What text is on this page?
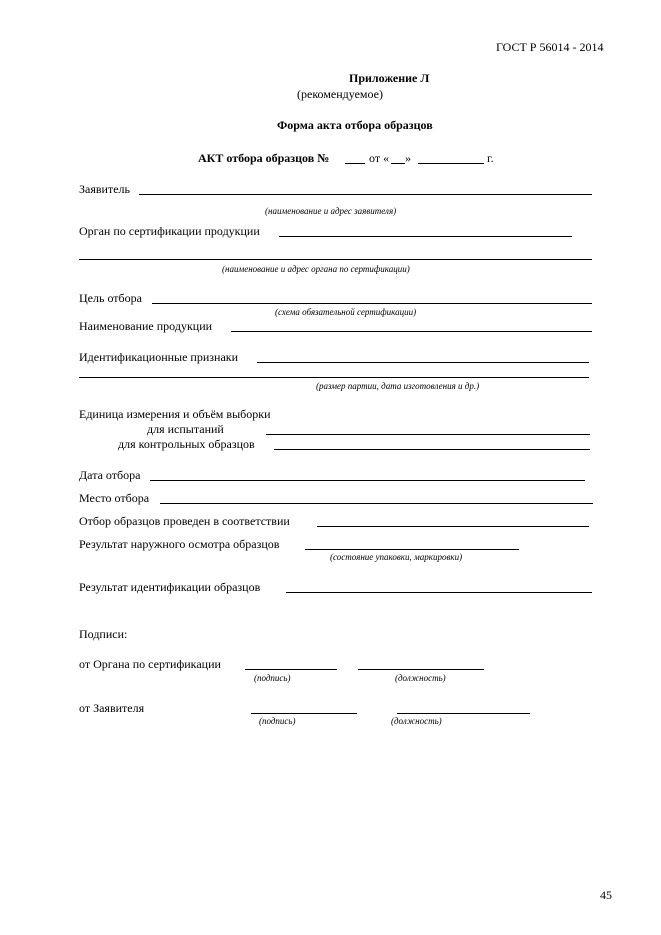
ГОСТ Р 56014 - 2014
Приложение Л
(рекомендуемое)
Форма акта отбора образцов
АКТ отбора образцов №	от « »	г.
Заявитель
(наименование и адрес заявителя)
Орган по сертификации продукции
(наименование и адрес органа по сертификации)
Цель отбора
(схема обязательной сертификации)
Наименование продукции
Идентификационные признаки
(размер партии, дата изготовления и др.)
Единица измерения и объём выборки
для испытаний
для контрольных образцов
Дата отбора
Место отбора
Отбор образцов проведен в соответствии
Результат наружного осмотра образцов
(состояние упаковки, маркировки)
Результат идентификации образцов
Подписи:
от Органа по сертификации
(подпись)	(должность)
от Заявителя
(подпись)	(должность)
45
